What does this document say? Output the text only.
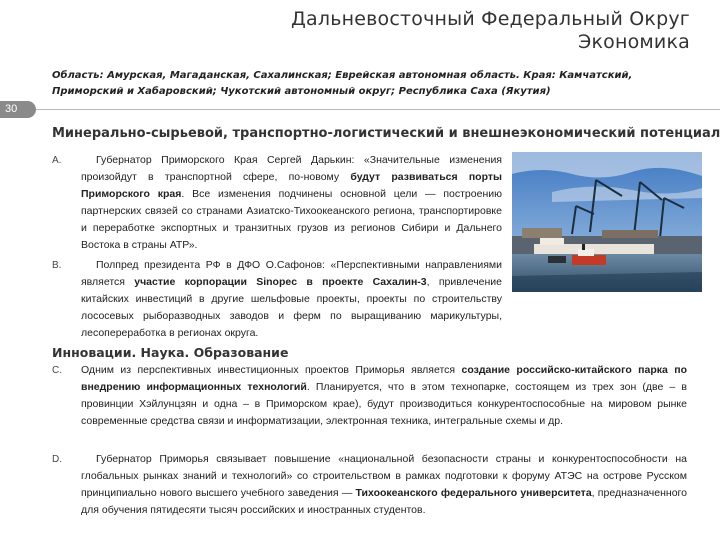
Дальневосточный Федеральный Округ
Экономика
Область: Амурская, Магаданская, Сахалинская; Еврейская автономная область. Края: Камчатский, Приморский и Хабаровский; Чукотский автономный округ; Республика Саха (Якутия)
30
Минерально-сырьевой, транспортно-логистический и внешнеэкономический потенциал
A.	Губернатор Приморского Края Сергей Дарькин: «Значительные изменения произойдут в транспортной сфере, по-новому будут развиваться порты Приморского края. Все изменения подчинены основной цели — построению партнерских связей со странами Азиатско-Тихоокеанского региона, транспортировке и переработке экспортных и транзитных грузов из регионов Сибири и Дальнего Востока в страны АТР».
B.	Полпред президента РФ в ДФО О.Сафонов: «Перспективными направлениями является участие корпорации Sinopec в проекте Сахалин-3, привлечение китайских инвестиций в другие шельфовые проекты, проекты по строительству лососевых рыборазводных заводов и ферм по выращиванию марикультуры, лесопереработка в регионах округа.
Инновации. Наука. Образование
C. Одним из перспективных инвестиционных проектов Приморья является создание российско-китайского парка по внедрению информационных технологий. Планируется, что в этом технопарке, состоящем из трех зон (две – в провинции Хэйлунцзян и одна – в Приморском крае), будут производиться конкурентоспособные на мировом рынке современные средства связи и информатизации, электронная техника, интегральные схемы и др.
D.	Губернатор Приморья связывает повышение «национальной безопасности страны и конкурентоспособности на глобальных рынках знаний и технологий» со строительством в рамках подготовки к форуму АТЭС на острове Русском принципиально нового высшего учебного заведения — Тихоокеанского федерального университета, предназначенного для обучения пятидесяти тысяч российских и иностранных студентов.
